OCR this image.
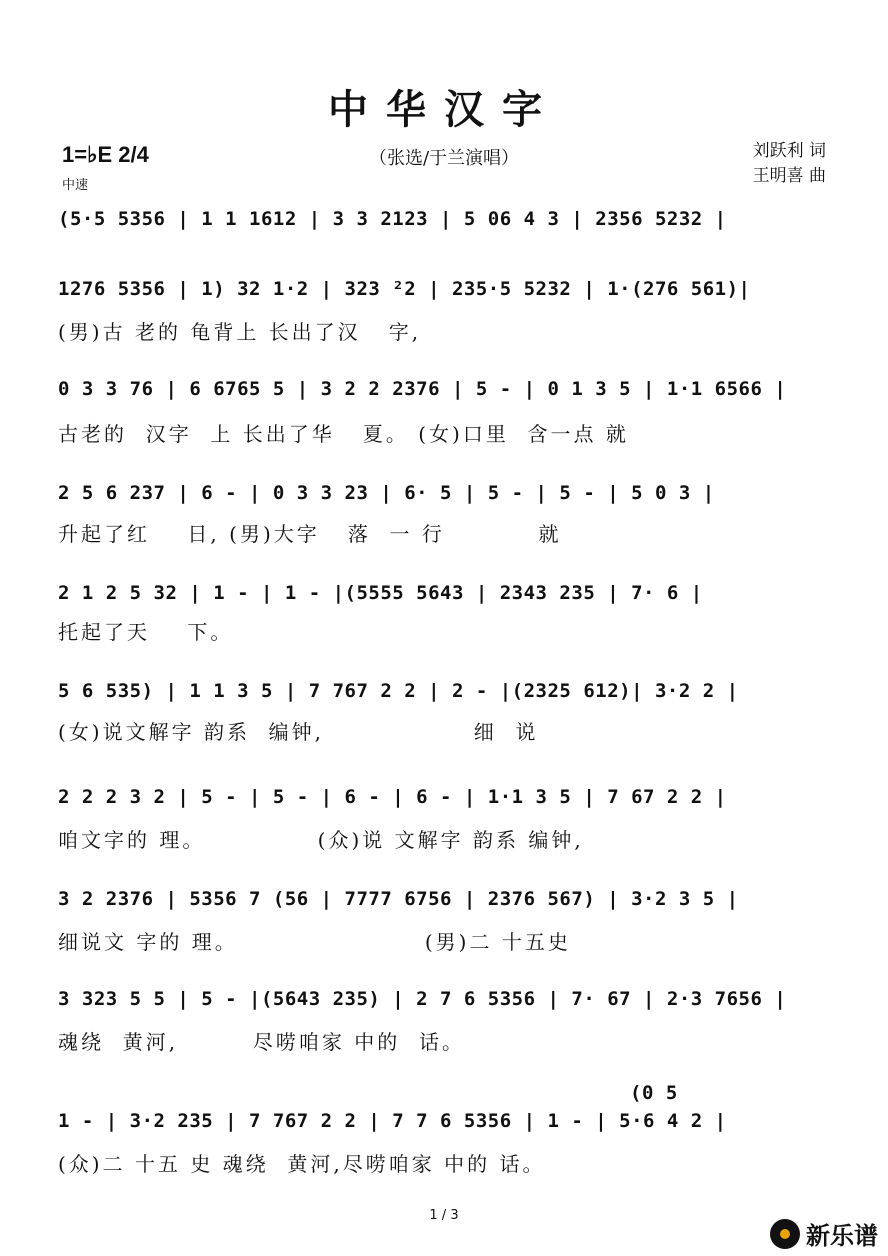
中华汉字
（张选/于兰演唱）	刘跃利 词
王明喜 曲
1=♭E 2/4
中速
(5·5 5356 | 1 1 1612 | 3 3 2123 | 5 06 4 3 | 2356 5232 |
1276 5356 | 1) 32 1·2 | 323 ²2 | 235·5 5232 | 1·(276 561)|
(男)古 老的 龟背上 长出了汉   字,
0 3 3 76 | 6 6765 5 | 3 2 2 2376 | 5 - | 0 1 3 5 | 1·1 6566 |
古老的  汉字  上 长出了华   夏。 (女)口里  含一点 就
2 5 6 237 | 6 - | 0 3 3 23 | 6· 5 | 5 - | 5 - | 5 0 3 |
升起了红    日, (男)大字   落  一 行          就
2 1 2 5 32 | 1 - | 1 - |(5555 5643 | 2343 235 | 7· 6 |
托起了天    下。
5 6 535) | 1 1 3 5 | 7 767 2 2 | 2 - |(2325 612)| 3·2 2 |
(女)说文解字 韵系  编钟,                细  说
2 2 2 3 2 | 5 - | 5 - | 6 - | 6 - | 1·1 3 5 | 7 67 2 2 |
咱文字的 理。            (众)说 文解字 韵系 编钟,
3 2 2376 | 5356 7 (56 | 7777 6756 | 2376 567) | 3·2 3 5 |
细说文 字的 理。                    (男)二 十五史
3 323 5 5 | 5 - |(5643 235) | 2 7 6 5356 | 7· 67 | 2·3 7656 |
魂绕  黄河,        尽唠咱家 中的  话。
(0 5
1 - | 3·2 235 | 7 767 2 2 | 7 7 6 5356 | 1 - | 5·6 4 2 |
(众)二 十五 史 魂绕  黄河,尽唠咱家 中的 话。
1 / 3
新乐谱
